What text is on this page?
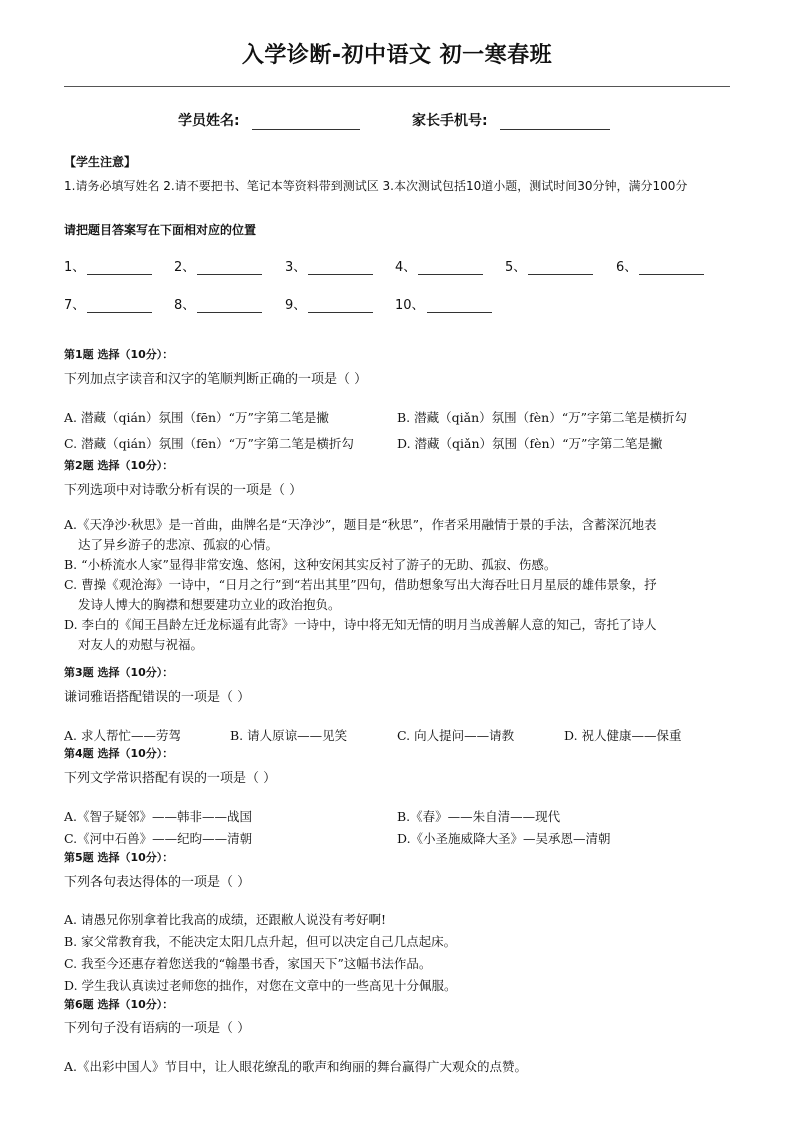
入学诊断-初中语文 初一寒春班
学员姓名:	家长手机号:
【学生注意】
1.请务必填写姓名 2.请不要把书、笔记本等资料带到测试区 3.本次测试包括10道小题，测试时间30分钟，满分100分
请把题目答案写在下面相对应的位置
1、	2、	3、	4、	5、	6、
7、	8、	9、	10、
第1题 选择（10分）：
下列加点字读音和汉字的笔顺判断正确的一项是（ ）
A. 潜藏（qián）氛围（fēn）“万”字第二笔是撇	B. 潜藏（qiǎn）氛围（fèn）“万”字第二笔是横折勾
C. 潜藏（qián）氛围（fēn）“万”字第二笔是横折勾	D. 潜藏（qiǎn）氛围（fèn）“万”字第二笔是撇
第2题 选择（10分）：
下列选项中对诗歌分析有误的一项是（ ）
A.《天净沙·秋思》是一首曲，曲牌名是“天净沙”，题目是“秋思”，作者采用融情于景的手法，含蓄深沉地表
达了异乡游子的悲凉、孤寂的心情。
B. “小桥流水人家”显得非常安逸、悠闲，这种安闲其实反衬了游子的无助、孤寂、伤感。
C. 曹操《观沧海》一诗中，“日月之行”到“若出其里”四句，借助想象写出大海吞吐日月星辰的雄伟景象，抒
发诗人博大的胸襟和想要建功立业的政治抱负。
D. 李白的《闻王昌龄左迁龙标遥有此寄》一诗中，诗中将无知无情的明月当成善解人意的知己，寄托了诗人
对友人的劝慰与祝福。
第3题 选择（10分）：
谦词雅语搭配错误的一项是（ ）
A. 求人帮忙——劳驾	B. 请人原谅——见笑	C. 向人提问——请教	D. 祝人健康——保重
第4题 选择（10分）：
下列文学常识搭配有误的一项是（ ）
A.《智子疑邻》——韩非——战国	B.《春》——朱自清——现代
C.《河中石兽》——纪昀——清朝	D.《小圣施威降大圣》—吴承恩—清朝
第5题 选择（10分）：
下列各句表达得体的一项是（ ）
A. 请愚兄你别拿着比我高的成绩，还跟敝人说没有考好啊!
B. 家父常教育我，不能决定太阳几点升起，但可以决定自己几点起床。
C. 我至今还惠存着您送我的“翰墨书香，家国天下”这幅书法作品。
D. 学生我认真读过老师您的拙作，对您在文章中的一些高见十分佩服。
第6题 选择（10分）：
下列句子没有语病的一项是（ ）
A.《出彩中国人》节目中，让人眼花缭乱的歌声和绚丽的舞台赢得广大观众的点赞。
